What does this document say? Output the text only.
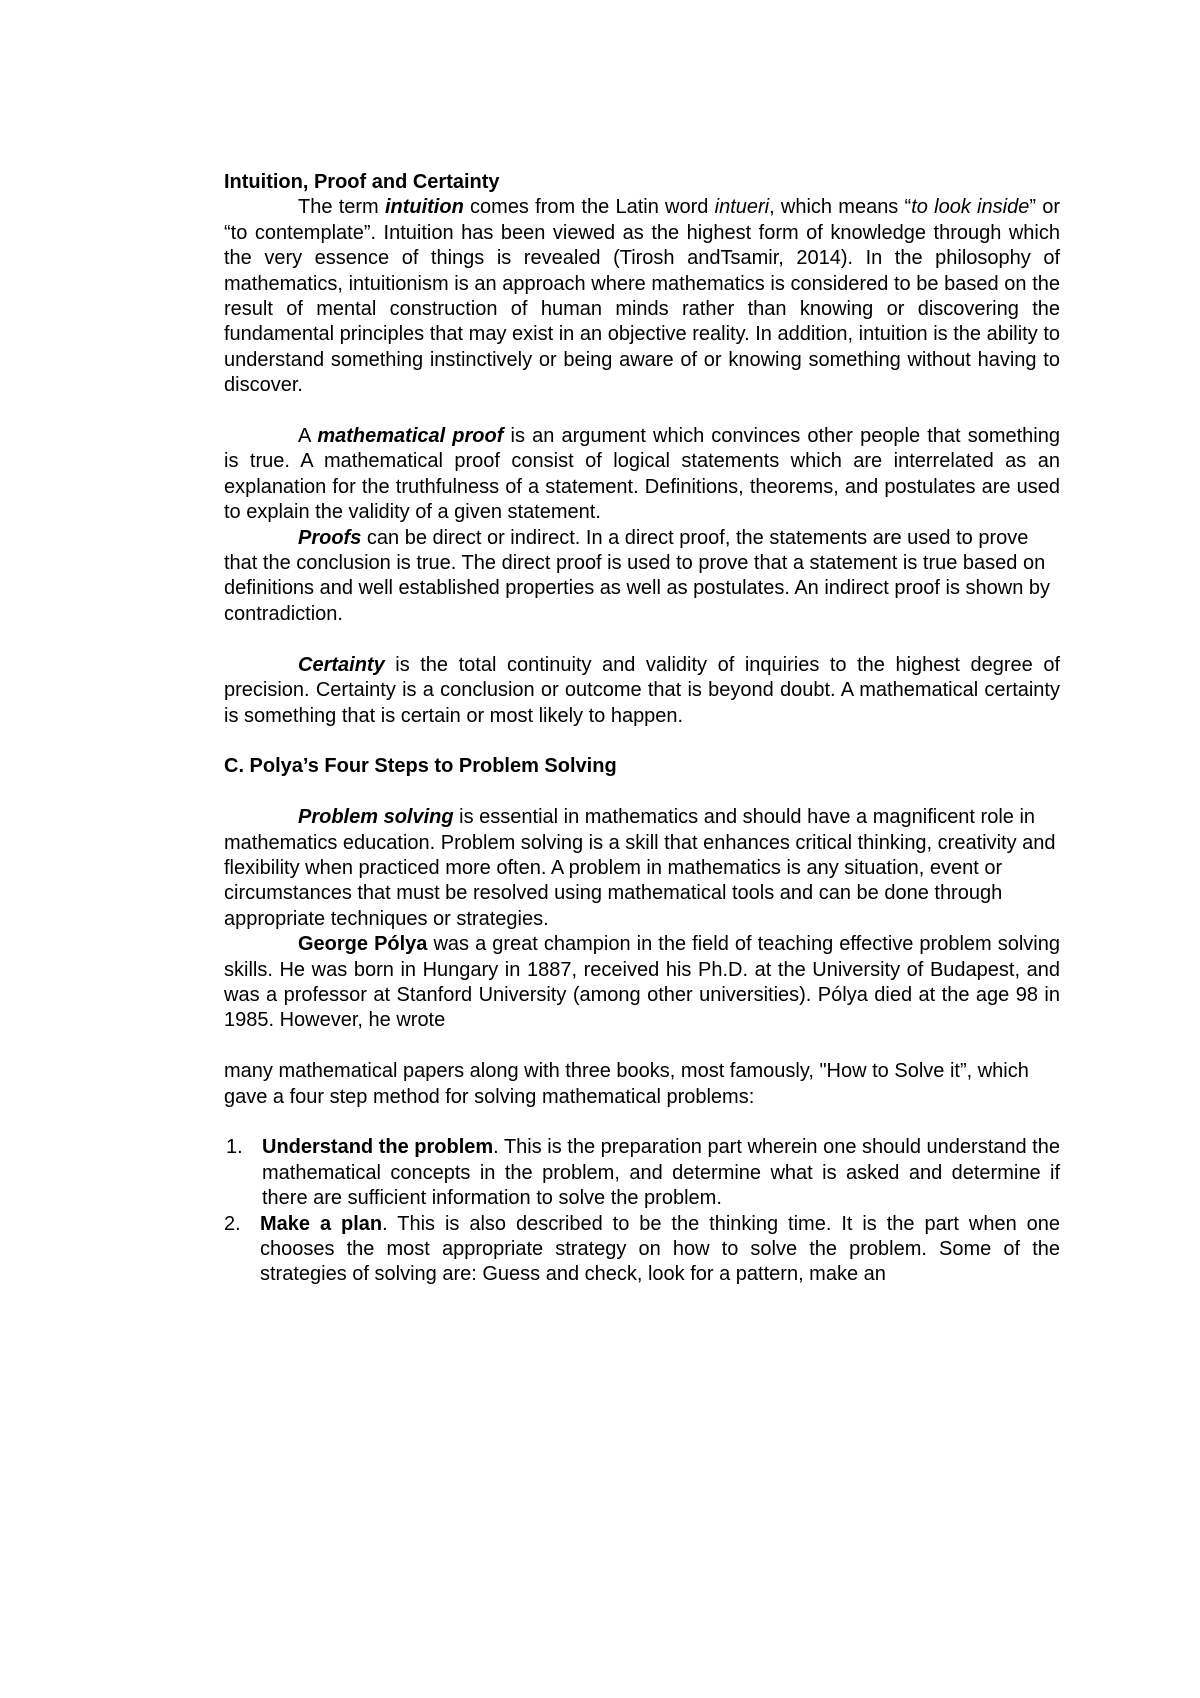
Intuition, Proof and Certainty

The term intuition comes from the Latin word intueri, which means “to look inside” or “to contemplate”. Intuition has been viewed as the highest form of knowledge through which the very essence of things is revealed (Tirosh andTsamir, 2014). In the philosophy of mathematics, intuitionism is an approach where mathematics is considered to be based on the result of mental construction of human minds rather than knowing or discovering the fundamental principles that may exist in an objective reality. In addition, intuition is the ability to understand something instinctively or being aware of or knowing something without having to discover.

A mathematical proof is an argument which convinces other people that something is true. A mathematical proof consist of logical statements which are interrelated as an explanation for the truthfulness of a statement. Definitions, theorems, and postulates are used to explain the validity of a given statement.

Proofs can be direct or indirect. In a direct proof, the statements are used to prove that the conclusion is true. The direct proof is used to prove that a statement is true based on definitions and well established properties as well as postulates. An indirect proof is shown by contradiction.

Certainty is the total continuity and validity of inquiries to the highest degree of precision. Certainty is a conclusion or outcome that is beyond doubt. A mathematical certainty is something that is certain or most likely to happen.

C. Polya’s Four Steps to Problem Solving

Problem solving is essential in mathematics and should have a magnificent role in mathematics education. Problem solving is a skill that enhances critical thinking, creativity and flexibility when practiced more often. A problem in mathematics is any situation, event or circumstances that must be resolved using mathematical tools and can be done through appropriate techniques or strategies.

George Pólya was a great champion in the field of teaching effective problem solving skills. He was born in Hungary in 1887, received his Ph.D. at the University of Budapest, and was a professor at Stanford University (among other universities). Pólya died at the age 98 in 1985. However, he wrote

many mathematical papers along with three books, most famously, "How to Solve it”, which gave a four step method for solving mathematical problems:

1. Understand the problem. This is the preparation part wherein one should understand the mathematical concepts in the problem, and determine what is asked and determine if there are sufficient information to solve the problem.
2. Make a plan. This is also described to be the thinking time. It is the part when one chooses the most appropriate strategy on how to solve the problem. Some of the strategies of solving are: Guess and check, look for a pattern, make an
